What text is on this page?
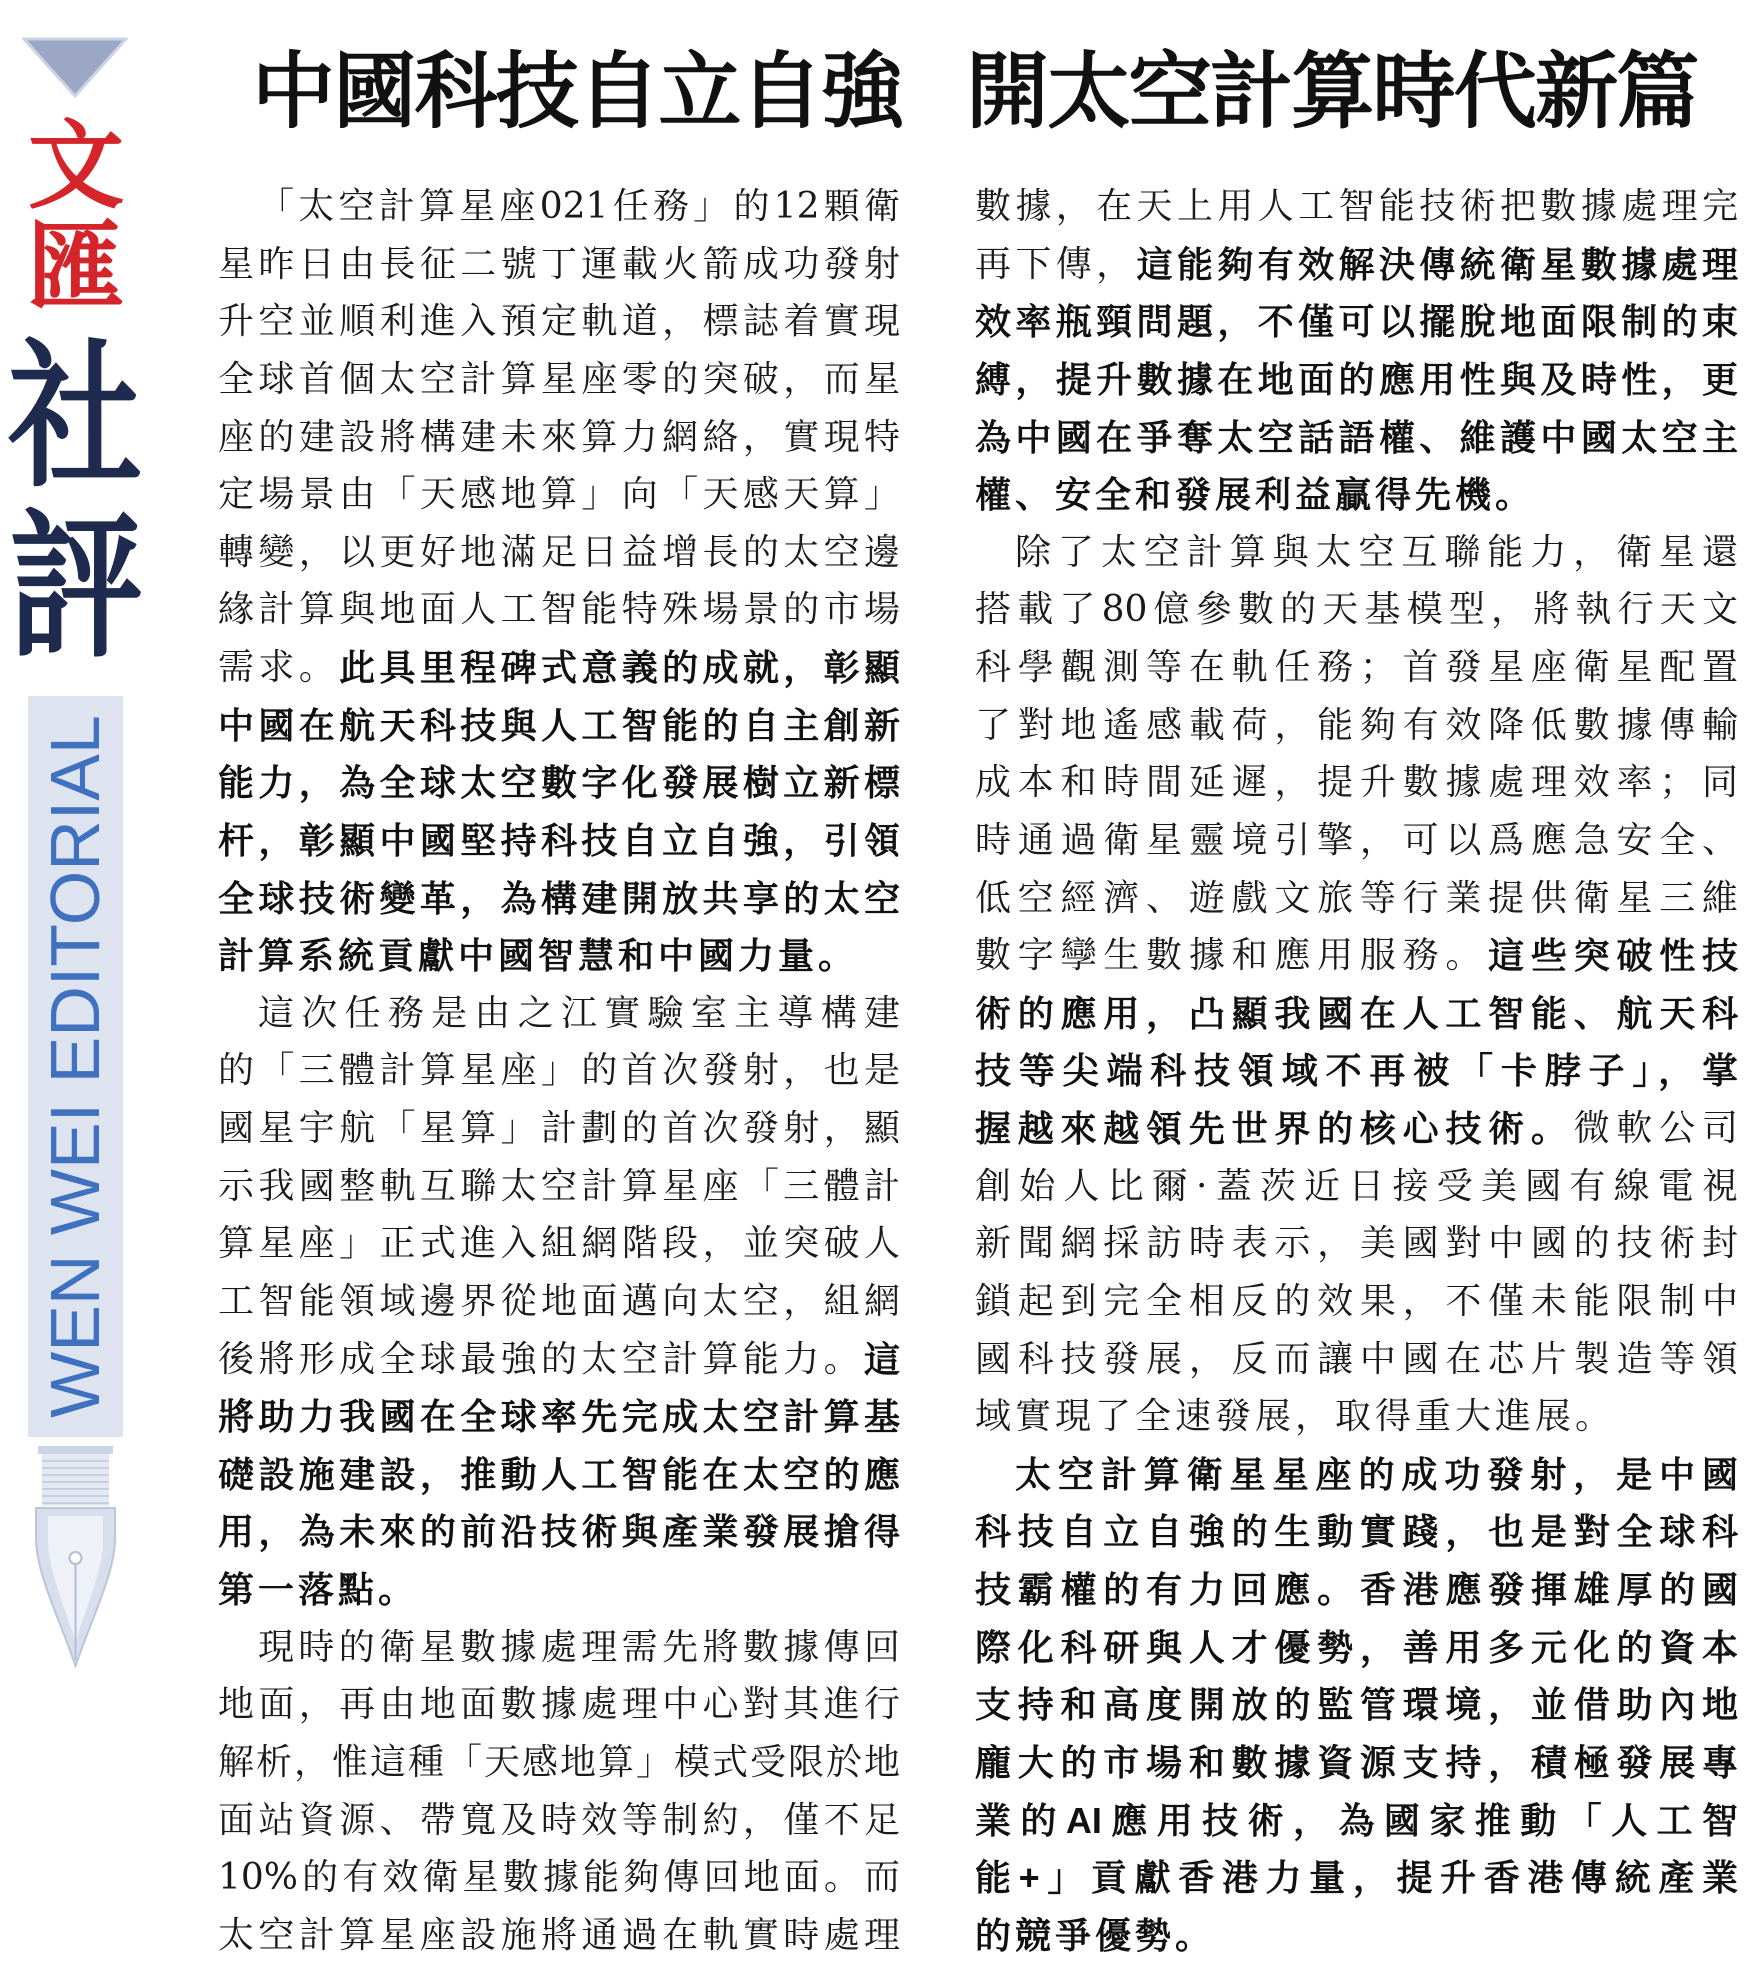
文
匯
社
評
WEN WEI EDITORIAL
中國科技自立自強 開太空計算時代新篇
「太空計算星座021任務」的12顆衛
星昨日由長征二號丁運載火箭成功發射
升空並順利進入預定軌道，標誌着實現
全球首個太空計算星座零的突破，而星
座的建設將構建未來算力網絡，實現特
定場景由「天感地算」向「天感天算」
轉變，以更好地滿足日益增長的太空邊
緣計算與地面人工智能特殊場景的市場
需求。此具里程碑式意義的成就，彰顯
中國在航天科技與人工智能的自主創新
能力，為全球太空數字化發展樹立新標
杆，彰顯中國堅持科技自立自強，引領
全球技術變革，為構建開放共享的太空
計算系統貢獻中國智慧和中國力量。
這次任務是由之江實驗室主導構建
的「三體計算星座」的首次發射，也是
國星宇航「星算」計劃的首次發射，顯
示我國整軌互聯太空計算星座「三體計
算星座」正式進入組網階段，並突破人
工智能領域邊界從地面邁向太空，組網
後將形成全球最強的太空計算能力。這
將助力我國在全球率先完成太空計算基
礎設施建設，推動人工智能在太空的應
用，為未來的前沿技術與產業發展搶得
第一落點。
現時的衛星數據處理需先將數據傳回
地面，再由地面數據處理中心對其進行
解析，惟這種「天感地算」模式受限於地
面站資源、帶寬及時效等制約，僅不足
10%的有效衛星數據能夠傳回地面。而
太空計算星座設施將通過在軌實時處理
數據，在天上用人工智能技術把數據處理完
再下傳，這能夠有效解決傳統衛星數據處理
效率瓶頸問題，不僅可以擺脫地面限制的束
縛，提升數據在地面的應用性與及時性，更
為中國在爭奪太空話語權、維護中國太空主
權、安全和發展利益贏得先機。
除了太空計算與太空互聯能力，衛星還
搭載了80億參數的天基模型，將執行天文
科學觀測等在軌任務；首發星座衛星配置
了對地遙感載荷，能夠有效降低數據傳輸
成本和時間延遲，提升數據處理效率；同
時通過衛星靈境引擎，可以爲應急安全、
低空經濟、遊戲文旅等行業提供衛星三維
數字孿生數據和應用服務。這些突破性技
術的應用，凸顯我國在人工智能、航天科
技等尖端科技領域不再被「卡脖子」，掌
握越來越領先世界的核心技術。微軟公司
創始人比爾·蓋茨近日接受美國有線電視
新聞網採訪時表示，美國對中國的技術封
鎖起到完全相反的效果，不僅未能限制中
國科技發展，反而讓中國在芯片製造等領
域實現了全速發展，取得重大進展。
太空計算衛星星座的成功發射，是中國
科技自立自強的生動實踐，也是對全球科
技霸權的有力回應。香港應發揮雄厚的國
際化科研與人才優勢，善用多元化的資本
支持和高度開放的監管環境，並借助內地
龐大的市場和數據資源支持，積極發展專
業的AI應用技術，為國家推動「人工智
能+」貢獻香港力量，提升香港傳統產業
的競爭優勢。
